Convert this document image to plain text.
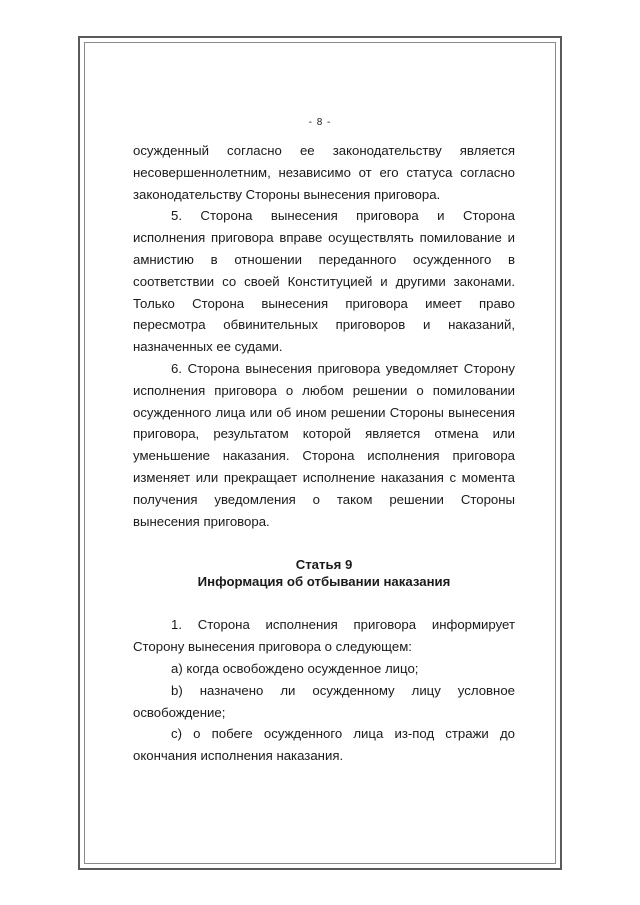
- 8 -

осужденный согласно ее законодательству является несовершеннолетним, независимо от его статуса согласно законодательству Стороны вынесения приговора.

5. Сторона вынесения приговора и Сторона исполнения приговора вправе осуществлять помилование и амнистию в отношении переданного осужденного в соответствии со своей Конституцией и другими законами. Только Сторона вынесения приговора имеет право пересмотра обвинительных приговоров и наказаний, назначенных ее судами.

6. Сторона вынесения приговора уведомляет Сторону исполнения приговора о любом решении о помиловании осужденного лица или об ином решении Стороны вынесения приговора, результатом которой является отмена или уменьшение наказания. Сторона исполнения приговора изменяет или прекращает исполнение наказания с момента получения уведомления о таком решении Стороны вынесения приговора.

Статья 9
Информация об отбывании наказания

1. Сторона исполнения приговора информирует Сторону вынесения приговора о следующем:

a) когда освобождено осужденное лицо;

b) назначено ли осужденному лицу условное освобождение;

c) о побеге осужденного лица из-под стражи до окончания исполнения наказания.
